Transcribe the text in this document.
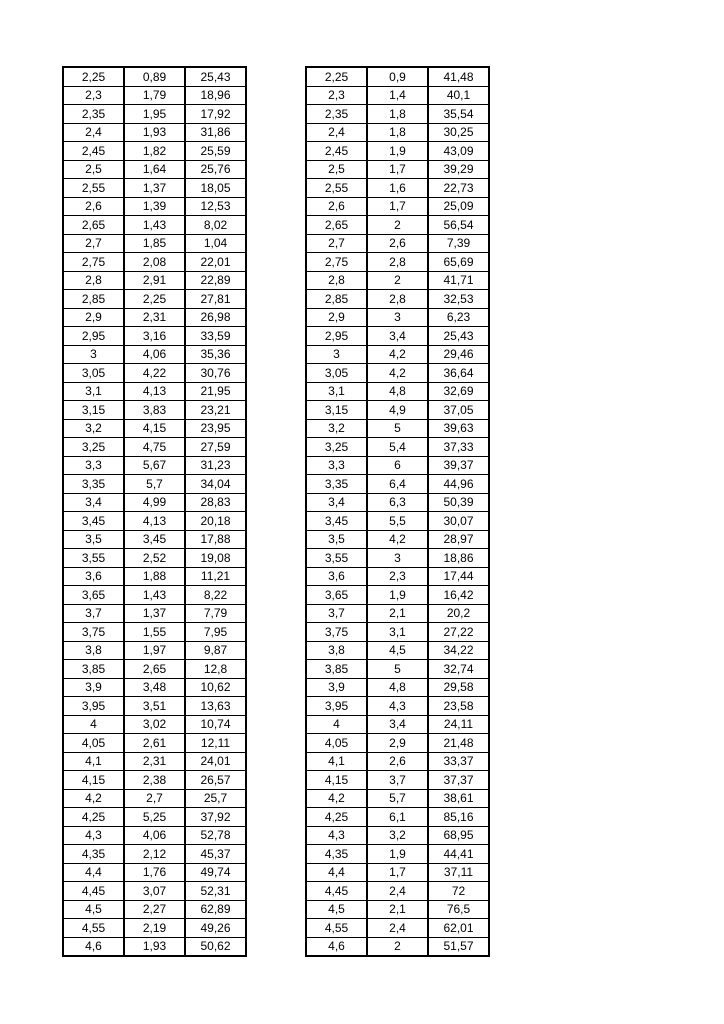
2,25	0,89	25,43
2,3	1,79	18,96
2,35	1,95	17,92
2,4	1,93	31,86
2,45	1,82	25,59
2,5	1,64	25,76
2,55	1,37	18,05
2,6	1,39	12,53
2,65	1,43	8,02
2,7	1,85	1,04
2,75	2,08	22,01
2,8	2,91	22,89
2,85	2,25	27,81
2,9	2,31	26,98
2,95	3,16	33,59
3	4,06	35,36
3,05	4,22	30,76
3,1	4,13	21,95
3,15	3,83	23,21
3,2	4,15	23,95
3,25	4,75	27,59
3,3	5,67	31,23
3,35	5,7	34,04
3,4	4,99	28,83
3,45	4,13	20,18
3,5	3,45	17,88
3,55	2,52	19,08
3,6	1,88	11,21
3,65	1,43	8,22
3,7	1,37	7,79
3,75	1,55	7,95
3,8	1,97	9,87
3,85	2,65	12,8
3,9	3,48	10,62
3,95	3,51	13,63
4	3,02	10,74
4,05	2,61	12,11
4,1	2,31	24,01
4,15	2,38	26,57
4,2	2,7	25,7
4,25	5,25	37,92
4,3	4,06	52,78
4,35	2,12	45,37
4,4	1,76	49,74
4,45	3,07	52,31
4,5	2,27	62,89
4,55	2,19	49,26
4,6	1,93	50,62
2,25	0,9	41,48
2,3	1,4	40,1
2,35	1,8	35,54
2,4	1,8	30,25
2,45	1,9	43,09
2,5	1,7	39,29
2,55	1,6	22,73
2,6	1,7	25,09
2,65	2	56,54
2,7	2,6	7,39
2,75	2,8	65,69
2,8	2	41,71
2,85	2,8	32,53
2,9	3	6,23
2,95	3,4	25,43
3	4,2	29,46
3,05	4,2	36,64
3,1	4,8	32,69
3,15	4,9	37,05
3,2	5	39,63
3,25	5,4	37,33
3,3	6	39,37
3,35	6,4	44,96
3,4	6,3	50,39
3,45	5,5	30,07
3,5	4,2	28,97
3,55	3	18,86
3,6	2,3	17,44
3,65	1,9	16,42
3,7	2,1	20,2
3,75	3,1	27,22
3,8	4,5	34,22
3,85	5	32,74
3,9	4,8	29,58
3,95	4,3	23,58
4	3,4	24,11
4,05	2,9	21,48
4,1	2,6	33,37
4,15	3,7	37,37
4,2	5,7	38,61
4,25	6,1	85,16
4,3	3,2	68,95
4,35	1,9	44,41
4,4	1,7	37,11
4,45	2,4	72
4,5	2,1	76,5
4,55	2,4	62,01
4,6	2	51,57
